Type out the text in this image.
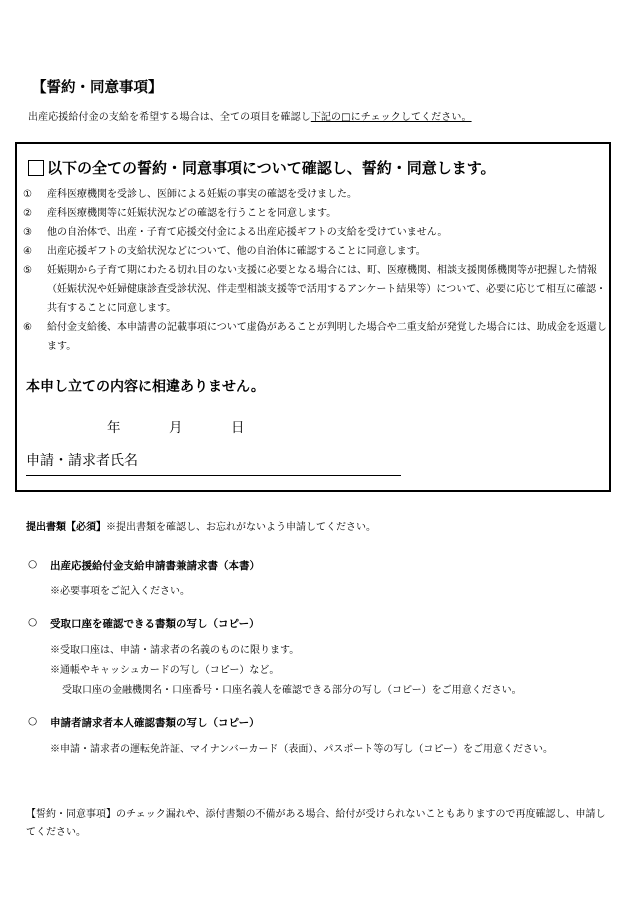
【誓約・同意事項】
出産応援給付金の支給を希望する場合は、全ての項目を確認し下記の□にチェックしてください。
以下の全ての誓約・同意事項について確認し、誓約・同意します。
①	産科医療機関を受診し、医師による妊娠の事実の確認を受けました。
②	産科医療機関等に妊娠状況などの確認を行うことを同意します。
③	他の自治体で、出産・子育て応援交付金による出産応援ギフトの支給を受けていません。
④	出産応援ギフトの支給状況などについて、他の自治体に確認することに同意します。
⑤	妊娠期から子育て期にわたる切れ目のない支援に必要となる場合には、町、医療機関、相談支援関係機関等が把握した情報（妊娠状況や妊婦健康診査受診状況、伴走型相談支援等で活用するアンケート結果等）について、必要に応じて相互に確認・共有することに同意します。
⑥	給付金支給後、本申請書の記載事項について虚偽があることが判明した場合や二重支給が発覚した場合には、助成金を返還します。
本申し立ての内容に相違ありません。
年	月	日
申請・請求者氏名
提出書類【必須】※提出書類を確認し、お忘れがないよう申請してください。
○	出産応援給付金支給申請書兼請求書（本書）
※必要事項をご記入ください。
○	受取口座を確認できる書類の写し（コピー）
※受取口座は、申請・請求者の名義のものに限ります。
※通帳やキャッシュカードの写し（コピー）など。
受取口座の金融機関名・口座番号・口座名義人を確認できる部分の写し（コピー）をご用意ください。
○	申請者請求者本人確認書類の写し（コピー）
※申請・請求者の運転免許証、マイナンバーカード（表面）、パスポート等の写し（コピー）をご用意ください。
【誓約・同意事項】のチェック漏れや、添付書類の不備がある場合、給付が受けられないこともありますので再度確認し、申請してください。
